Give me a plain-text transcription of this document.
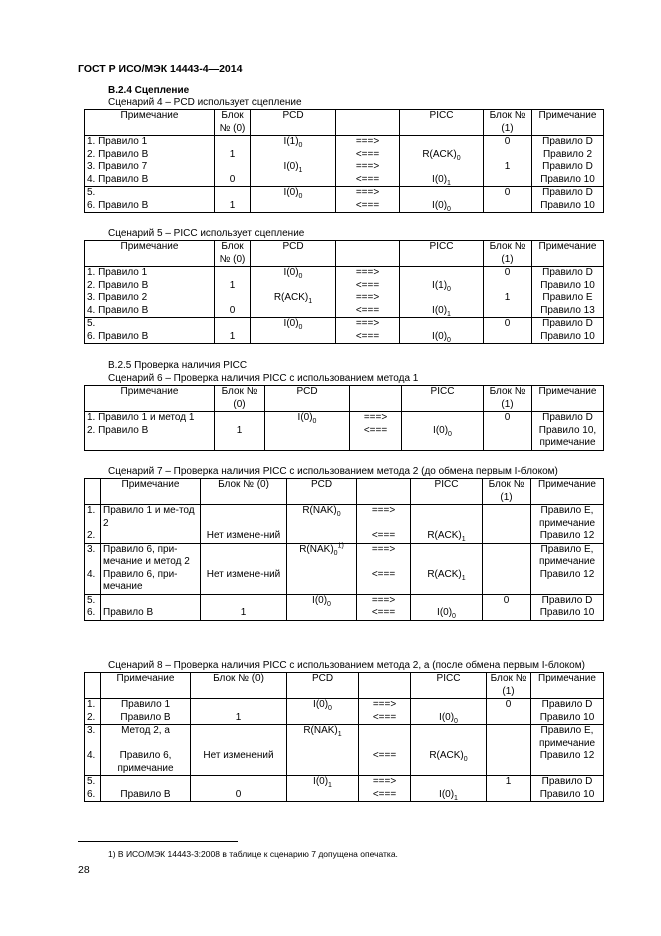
ГОСТ Р ИСО/МЭК 14443-4—2014
B.2.4 Сцепление
Сценарий 4 – PCD использует сцепление
Примечание	Блок № (0)	PCD		PICC	Блок № (1)	Примечание
1. Правило 1		$I(1)_0$	===>		0	Правило D
2. Правило B	1		<===	$R(ACK)_0$		Правило 2
3. Правило 7		$I(0)_1$	===>		1	Правило D
4. Правило B	0		<===	$I(0)_1$		Правило 10
5.		$I(0)_0$	===>		0	Правило D
6. Правило B	1		<===	$I(0)_0$		Правило 10
Сценарий 5 – PICC использует сцепление
Примечание	Блок № (0)	PCD		PICC	Блок № (1)	Примечание
1. Правило 1		$I(0)_0$	===>		0	Правило D
2. Правило B	1		<===	$I(1)_0$		Правило 10
3. Правило 2		$R(ACK)_1$	===>		1	Правило E
4. Правило B	0		<===	$I(0)_1$		Правило 13
5.		$I(0)_0$	===>		0	Правило D
6. Правило B	1		<===	$I(0)_0$		Правило 10
B.2.5 Проверка наличия PICC
Сценарий 6 – Проверка наличия PICC с использованием метода 1
Примечание	Блок № (0)	PCD		PICC	Блок № (1)	Примечание
1. Правило 1 и метод 1		$I(0)_0$	===>		0	Правило D
2. Правило B	1		<===	$I(0)_0$		Правило 10, примечание
Сценарий 7 – Проверка наличия PICC с использованием метода 2 (до обмена первым I-блоком)
	Примечание	Блок № (0)	PCD		PICC	Блок № (1)	Примечание
1.	Правило 1 и ме-тод 2		$R(NAK)_0$	===>			Правило E, примечание
2.		Нет измене-ний		<===	$R(ACK)_1$		Правило 12
3.	Правило 6, при-мечание и метод 2		$R(NAK)_0^{1)}$	===>			Правило E, примечание
4.	Правило 6, при-мечание	Нет измене-ний		<===	$R(ACK)_1$		Правило 12
5.			$I(0)_0$	===>		0	Правило D
6.	Правило B	1		<===	$I(0)_0$		Правило 10
Сценарий 8 – Проверка наличия PICC с использованием метода 2, а (после обмена первым I-блоком)
	Примечание	Блок № (0)	PCD		PICC	Блок № (1)	Примечание
1.	Правило 1		$I(0)_0$	===>		0	Правило D
2.	Правило B	1		<===	$I(0)_0$		Правило 10
3.	Метод 2, а		$R(NAK)_1$				Правило E, примечание
4.	Правило 6, примечание	Нет изменений		<===	$R(ACK)_0$		Правило 12
5.			$I(0)_1$	===>		1	Правило D
6.	Правило B	0		<===	$I(0)_1$		Правило 10
1) В ИСО/МЭК 14443-3:2008 в таблице к сценарию 7 допущена опечатка.
28
